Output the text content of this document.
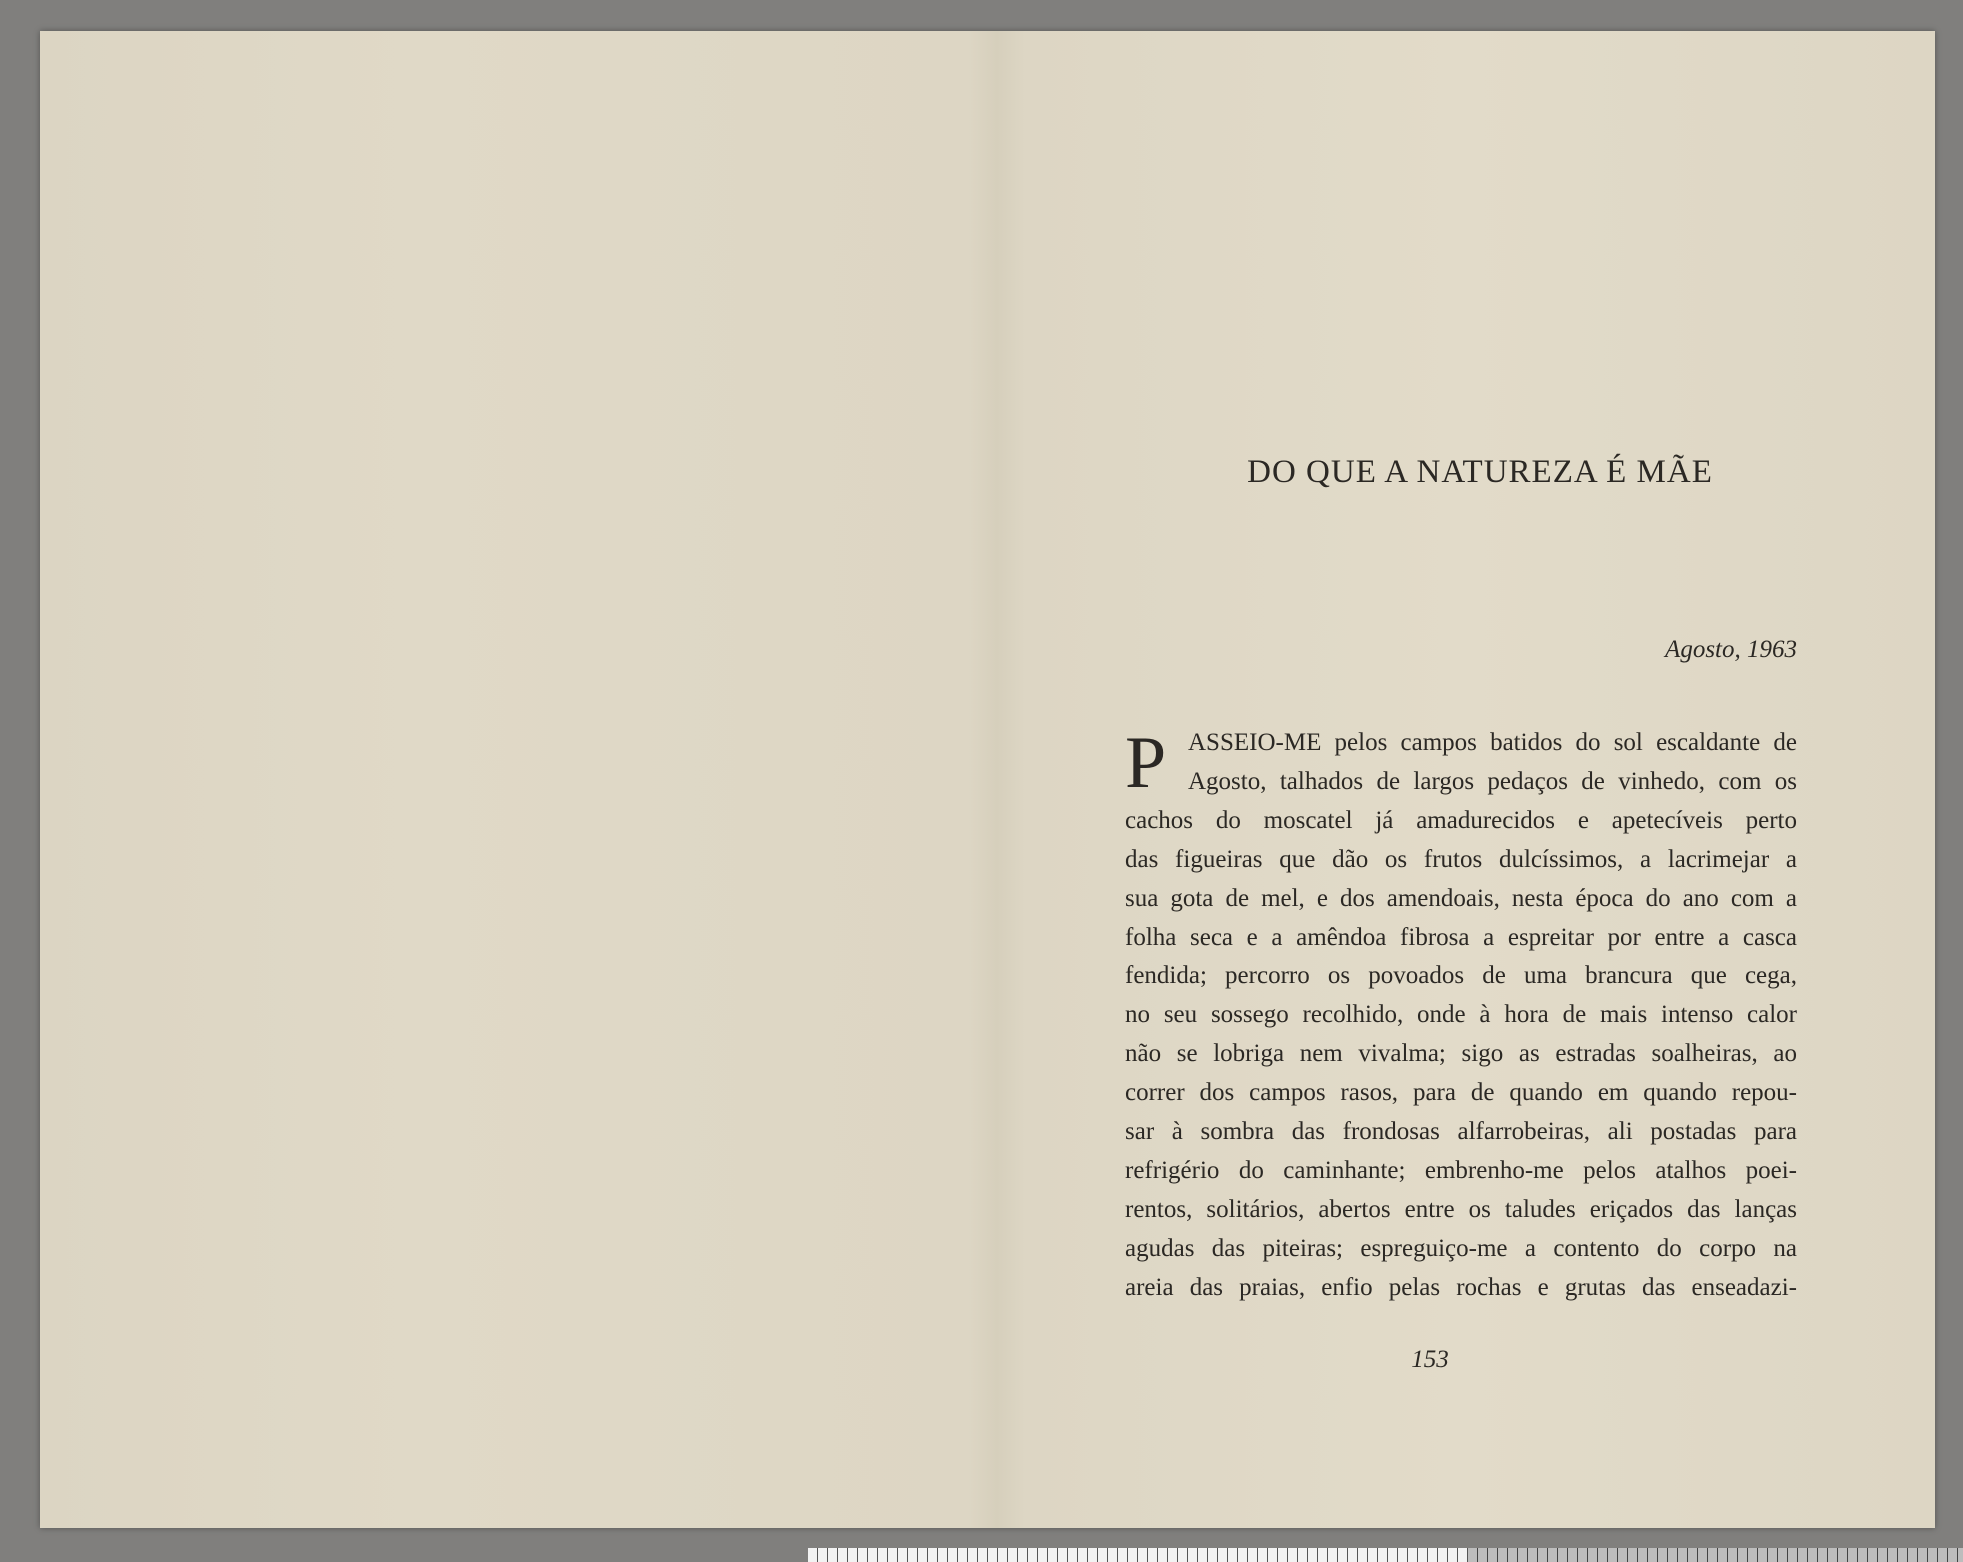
DO QUE A NATUREZA É MÃE

Agosto, 1963

P ASSEIO-ME pelos campos batidos do sol escaldante de
Agosto, talhados de largos pedaços de vinhedo, com os
cachos do moscatel já amadurecidos e apetecíveis perto
das figueiras que dão os frutos dulcíssimos, a lacrimejar a
sua gota de mel, e dos amendoais, nesta época do ano com a
folha seca e a amêndoa fibrosa a espreitar por entre a casca
fendida; percorro os povoados de uma brancura que cega,
no seu sossego recolhido, onde à hora de mais intenso calor
não se lobriga nem vivalma; sigo as estradas soalheiras, ao
correr dos campos rasos, para de quando em quando repou-
sar à sombra das frondosas alfarrobeiras, ali postadas para
refrigério do caminhante; embrenho-me pelos atalhos poei-
rentos, solitários, abertos entre os taludes eriçados das lanças
agudas das piteiras; espreguiço-me a contento do corpo na
areia das praias, enfio pelas rochas e grutas das enseadazi-

153
